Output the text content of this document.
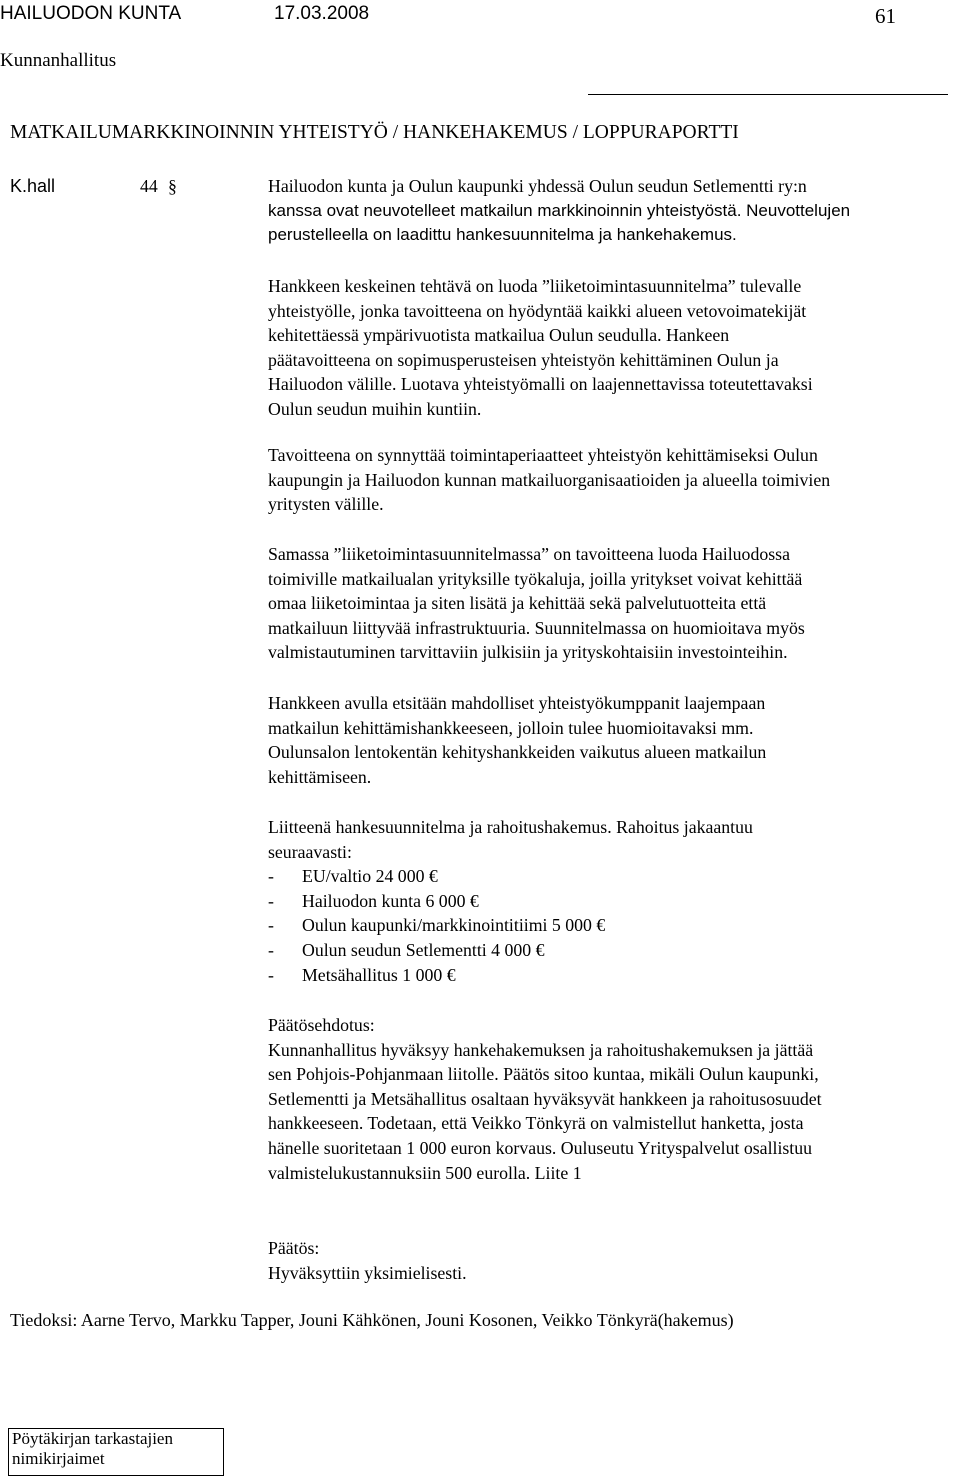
HAILUODON KUNTA	17.03.2008	61
Kunnanhallitus
MATKAILUMARKKINOINNIN YHTEISTYÖ / HANKEHAKEMUS / LOPPURAPORTTI
K.hall	44 §	Hailuodon kunta ja Oulun kaupunki yhdessä Oulun seudun Setlementti ry:n
kanssa ovat neuvotelleet matkailun markkinoinnin yhteistyöstä. Neuvottelujen
perustelleella on laadittu hankesuunnitelma ja hankehakemus.
Hankkeen keskeinen tehtävä on luoda ”liiketoimintasuunnitelma” tulevalle
yhteistyölle, jonka tavoitteena on hyödyntää kaikki alueen vetovoimatekijät
kehitettäessä ympärivuotista matkailua Oulun seudulla. Hankeen
päätavoitteena on sopimusperusteisen yhteistyön kehittäminen Oulun ja
Hailuodon välille. Luotava yhteistyömalli on laajennettavissa toteutettavaksi
Oulun seudun muihin kuntiin.
Tavoitteena on synnyttää toimintaperiaatteet yhteistyön kehittämiseksi Oulun
kaupungin ja Hailuodon kunnan matkailuorganisaatioiden ja alueella toimivien
yritysten välille.
Samassa ”liiketoimintasuunnitelmassa” on tavoitteena luoda Hailuodossa
toimiville matkailualan yrityksille työkaluja, joilla yritykset voivat kehittää
omaa liiketoimintaa ja siten lisätä ja kehittää sekä palvelutuotteita että
matkailuun liittyvää infrastruktuuria. Suunnitelmassa on huomioitava myös
valmistautuminen tarvittaviin julkisiin ja yrityskohtaisiin investointeihin.
Hankkeen avulla etsitään mahdolliset yhteistyökumppanit laajempaan
matkailun kehittämishankkeeseen, jolloin tulee huomioitavaksi mm.
Oulunsalon lentokentän kehityshankkeiden vaikutus alueen matkailun
kehittämiseen.
Liitteenä hankesuunnitelma ja rahoitushakemus. Rahoitus jakaantuu
seuraavasti:
- EU/valtio 24 000 €
- Hailuodon kunta 6 000 €
- Oulun kaupunki/markkinointitiimi 5 000 €
- Oulun seudun Setlementti 4 000 €
- Metsähallitus 1 000 €
Päätösehdotus:
Kunnanhallitus hyväksyy hankehakemuksen ja rahoitushakemuksen ja jättää
sen Pohjois-Pohjanmaan liitolle. Päätös sitoo kuntaa, mikäli Oulun kaupunki,
Setlementti ja Metsähallitus osaltaan hyväksyvät hankkeen ja rahoitusosuudet
hankkeeseen. Todetaan, että Veikko Tönkyrä on valmistellut hanketta, josta
hänelle suoritetaan 1 000 euron korvaus. Ouluseutu Yrityspalvelut osallistuu
valmistelukustannuksiin 500 eurolla. Liite 1
Päätös:
Hyväksyttiin yksimielisesti.
Tiedoksi: Aarne Tervo, Markku Tapper, Jouni Kähkönen, Jouni Kosonen, Veikko Tönkyrä(hakemus)
Pöytäkirjan tarkastajien
nimikirjaimet
